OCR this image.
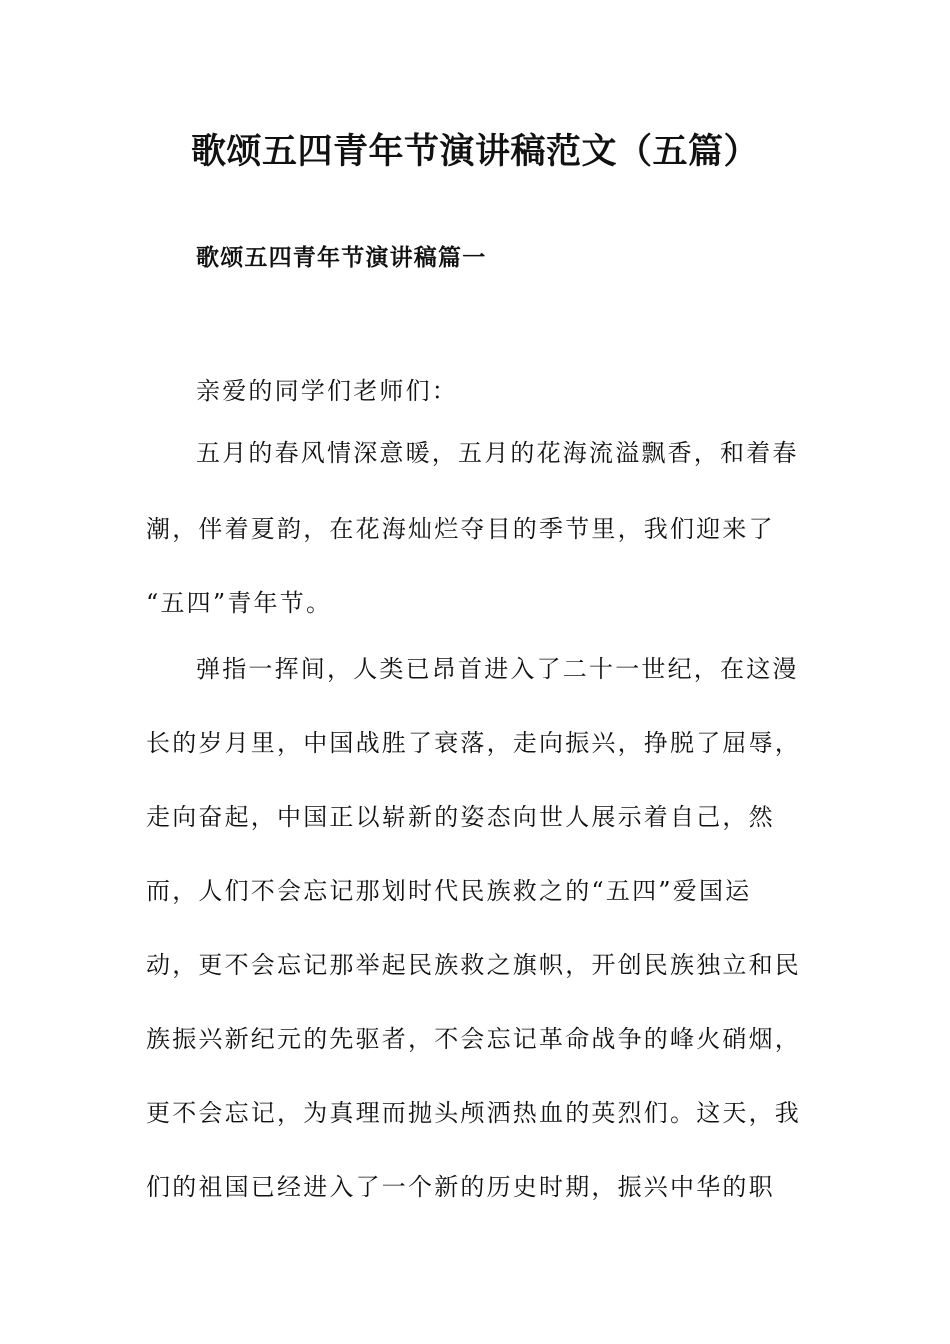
歌颂五四青年节演讲稿范文（五篇）
歌颂五四青年节演讲稿篇一
亲爱的同学们老师们：
五月的春风情深意暖，五月的花海流溢飘香，和着春
潮，伴着夏韵，在花海灿烂夺目的季节里，我们迎来了
“五四”青年节。
弹指一挥间，人类已昂首进入了二十一世纪，在这漫
长的岁月里，中国战胜了衰落，走向振兴，挣脱了屈辱，
走向奋起，中国正以崭新的姿态向世人展示着自己，然
而，人们不会忘记那划时代民族救之的“五四”爱国运
动，更不会忘记那举起民族救之旗帜，开创民族独立和民
族振兴新纪元的先驱者，不会忘记革命战争的峰火硝烟，
更不会忘记，为真理而抛头颅洒热血的英烈们。这天，我
们的祖国已经进入了一个新的历史时期，振兴中华的职
